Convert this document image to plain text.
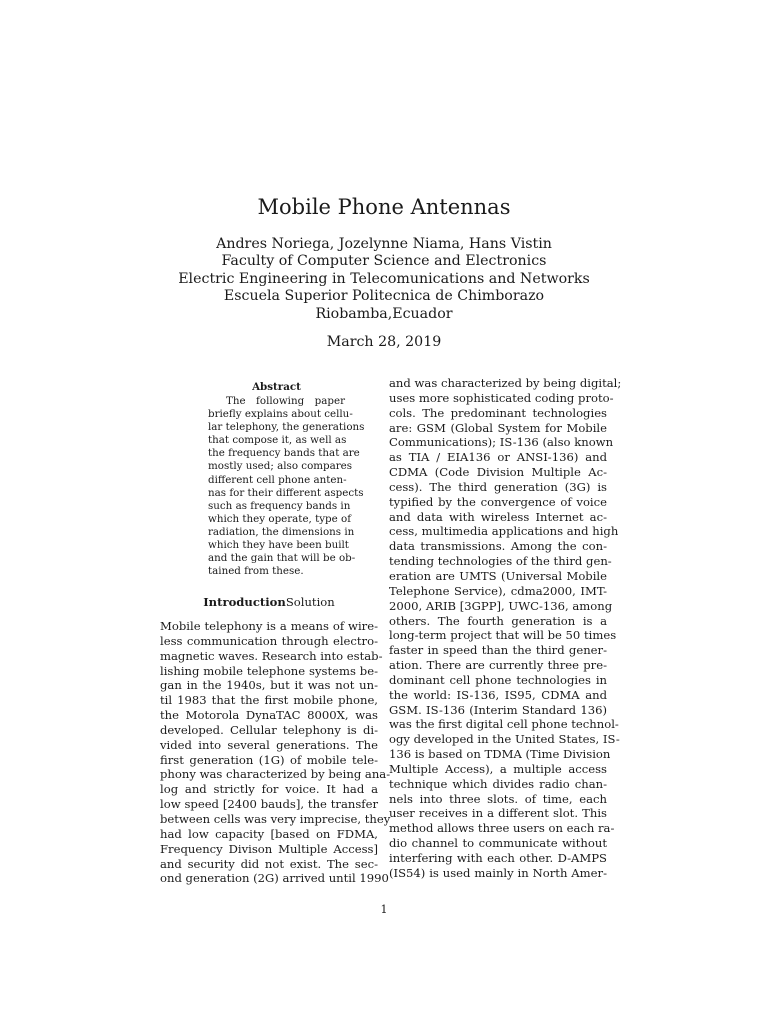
Mobile Phone Antennas
Andres Noriega, Jozelynne Niama, Hans Vistin
Faculty of Computer Science and Electronics
Electric Engineering in Telecomunications and Networks
Escuela Superior Politecnica de Chimborazo
Riobamba,Ecuador
March 28, 2019
Abstract
The following paper
briefly explains about cellu-
lar telephony, the generations
that compose it, as well as
the frequency bands that are
mostly used; also compares
different cell phone anten-
nas for their different aspects
such as frequency bands in
which they operate, type of
radiation, the dimensions in
which they have been built
and the gain that will be ob-
tained from these.
IntroductionSolution
Mobile telephony is a means of wire-
less communication through electro-
magnetic waves. Research into estab-
lishing mobile telephone systems be-
gan in the 1940s, but it was not un-
til 1983 that the first mobile phone,
the Motorola DynaTAC 8000X, was
developed. Cellular telephony is di-
vided into several generations. The
first generation (1G) of mobile tele-
phony was characterized by being ana-
log and strictly for voice. It had a
low speed [2400 bauds], the transfer
between cells was very imprecise, they
had low capacity [based on FDMA,
Frequency Divison Multiple Access]
and security did not exist. The sec-
ond generation (2G) arrived until 1990
and was characterized by being digital;
uses more sophisticated coding proto-
cols. The predominant technologies
are: GSM (Global System for Mobile
Communications); IS-136 (also known
as TIA / EIA136 or ANSI-136) and
CDMA (Code Division Multiple Ac-
cess). The third generation (3G) is
typified by the convergence of voice
and data with wireless Internet ac-
cess, multimedia applications and high
data transmissions. Among the con-
tending technologies of the third gen-
eration are UMTS (Universal Mobile
Telephone Service), cdma2000, IMT-
2000, ARIB [3GPP], UWC-136, among
others. The fourth generation is a
long-term project that will be 50 times
faster in speed than the third gener-
ation. There are currently three pre-
dominant cell phone technologies in
the world: IS-136, IS95, CDMA and
GSM. IS-136 (Interim Standard 136)
was the first digital cell phone technol-
ogy developed in the United States, IS-
136 is based on TDMA (Time Division
Multiple Access), a multiple access
technique which divides radio chan-
nels into three slots. of time, each
user receives in a different slot. This
method allows three users on each ra-
dio channel to communicate without
interfering with each other. D-AMPS
(IS54) is used mainly in North Amer-
1
